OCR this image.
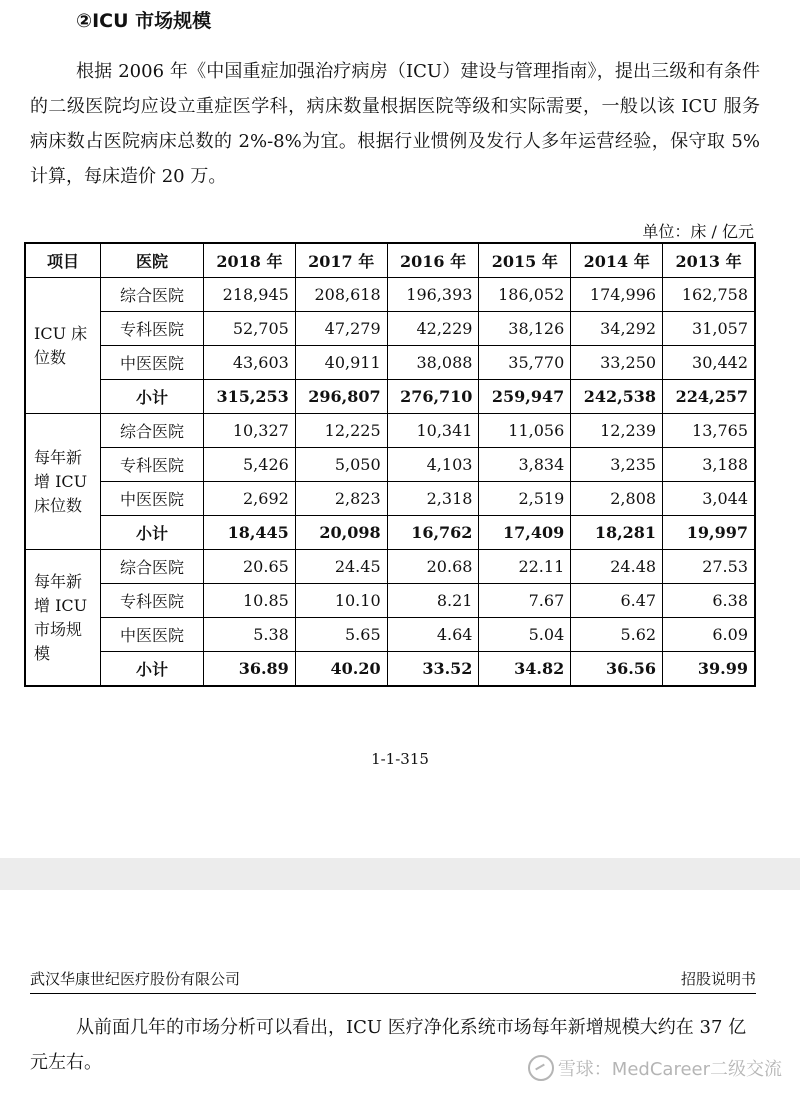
②ICU 市场规模

根据 2006 年《中国重症加强治疗病房（ICU）建设与管理指南》，提出三级和有条件的二级医院均应设立重症医学科，病床数量根据医院等级和实际需要，一般以该 ICU 服务病床数占医院病床总数的 2%-8%为宜。根据行业惯例及发行人多年运营经验，保守取 5%计算，每床造价 20 万。

单位：床 / 亿元
项目	医院	2018 年	2017 年	2016 年	2015 年	2014 年	2013 年
ICU 床位数	综合医院	218,945	208,618	196,393	186,052	174,996	162,758
	专科医院	52,705	47,279	42,229	38,126	34,292	31,057
	中医医院	43,603	40,911	38,088	35,770	33,250	30,442
	小计	315,253	296,807	276,710	259,947	242,538	224,257
每年新增 ICU 床位数	综合医院	10,327	12,225	10,341	11,056	12,239	13,765
	专科医院	5,426	5,050	4,103	3,834	3,235	3,188
	中医医院	2,692	2,823	2,318	2,519	2,808	3,044
	小计	18,445	20,098	16,762	17,409	18,281	19,997
每年新增 ICU 市场规模	综合医院	20.65	24.45	20.68	22.11	24.48	27.53
	专科医院	10.85	10.10	8.21	7.67	6.47	6.38
	中医医院	5.38	5.65	4.64	5.04	5.62	6.09
	小计	36.89	40.20	33.52	34.82	36.56	39.99
1-1-315
武汉华康世纪医疗股份有限公司	招股说明书

从前面几年的市场分析可以看出，ICU 医疗净化系统市场每年新增规模大约在 37 亿元左右。	雪球：MedCareer二级交流
